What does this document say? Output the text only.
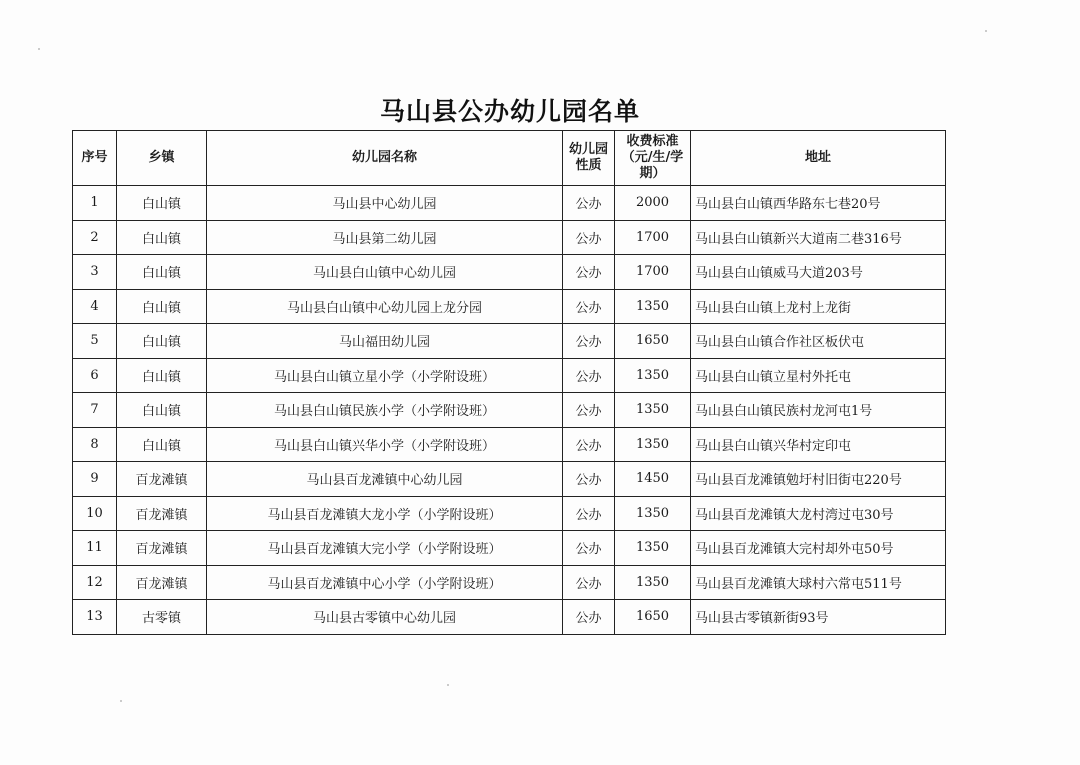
马山县公办幼儿园名单
序号	乡镇	幼儿园名称	幼儿园性质	收费标准（元/生/学期）	地址
1	白山镇	马山县中心幼儿园	公办	2000	马山县白山镇西华路东七巷20号
2	白山镇	马山县第二幼儿园	公办	1700	马山县白山镇新兴大道南二巷316号
3	白山镇	马山县白山镇中心幼儿园	公办	1700	马山县白山镇威马大道203号
4	白山镇	马山县白山镇中心幼儿园上龙分园	公办	1350	马山县白山镇上龙村上龙街
5	白山镇	马山福田幼儿园	公办	1650	马山县白山镇合作社区板伏屯
6	白山镇	马山县白山镇立星小学（小学附设班）	公办	1350	马山县白山镇立星村外托屯
7	白山镇	马山县白山镇民族小学（小学附设班）	公办	1350	马山县白山镇民族村龙河屯1号
8	白山镇	马山县白山镇兴华小学（小学附设班）	公办	1350	马山县白山镇兴华村定印屯
9	百龙滩镇	马山县百龙滩镇中心幼儿园	公办	1450	马山县百龙滩镇勉圩村旧街屯220号
10	百龙滩镇	马山县百龙滩镇大龙小学（小学附设班）	公办	1350	马山县百龙滩镇大龙村湾过屯30号
11	百龙滩镇	马山县百龙滩镇大完小学（小学附设班）	公办	1350	马山县百龙滩镇大完村却外屯50号
12	百龙滩镇	马山县百龙滩镇中心小学（小学附设班）	公办	1350	马山县百龙滩镇大球村六常屯511号
13	古零镇	马山县古零镇中心幼儿园	公办	1650	马山县古零镇新街93号
